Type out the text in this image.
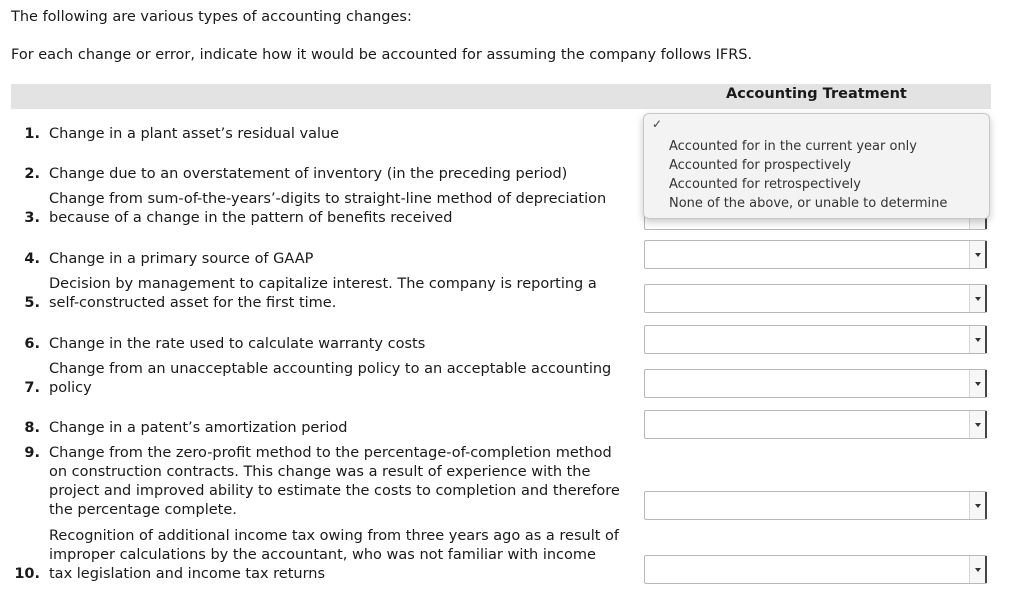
The following are various types of accounting changes:

For each change or error, indicate how it would be accounted for assuming the company follows IFRS.

Accounting Treatment
1. Change in a plant asset’s residual value
2. Change due to an overstatement of inventory (in the preceding period)
3.
Change from sum-of-the-years’-digits to straight-line method of depreciation
because of a change in the pattern of benefits received
4. Change in a primary source of GAAP
5.
Decision by management to capitalize interest. The company is reporting a
self-constructed asset for the first time.
6. Change in the rate used to calculate warranty costs
7.
Change from an unacceptable accounting policy to an acceptable accounting
policy
8. Change in a patent’s amortization period
9. Change from the zero-profit method to the percentage-of-completion method
on construction contracts. This change was a result of experience with the
project and improved ability to estimate the costs to completion and therefore
the percentage complete.
10.
Recognition of additional income tax owing from three years ago as a result of
improper calculations by the accountant, who was not familiar with income
tax legislation and income tax returns
✓
Accounted for in the current year only
Accounted for prospectively
Accounted for retrospectively
None of the above, or unable to determine
